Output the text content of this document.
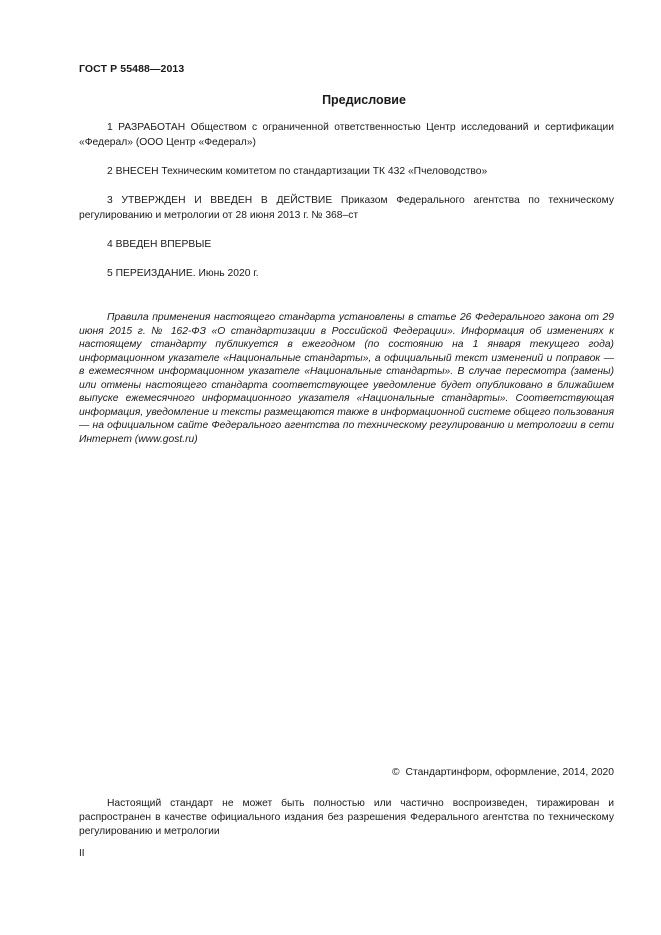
ГОСТ Р 55488—2013
Предисловие

1 РАЗРАБОТАН Обществом с ограниченной ответственностью Центр исследований и сертификации «Федерал» (ООО Центр «Федерал»)

2 ВНЕСЕН Техническим комитетом по стандартизации ТК 432 «Пчеловодство»

3 УТВЕРЖДЕН И ВВЕДЕН В ДЕЙСТВИЕ Приказом Федерального агентства по техническому регулированию и метрологии от 28 июня 2013 г. № 368–ст

4 ВВЕДЕН ВПЕРВЫЕ

5 ПЕРЕИЗДАНИЕ. Июнь 2020 г.

Правила применения настоящего стандарта установлены в статье 26 Федерального закона от 29 июня 2015 г. № 162-ФЗ «О стандартизации в Российской Федерации». Информация об изменениях к настоящему стандарту публикуется в ежегодном (по состоянию на 1 января текущего года) информационном указателе «Национальные стандарты», а официальный текст изменений и поправок — в ежемесячном информационном указателе «Национальные стандарты». В случае пересмотра (замены) или отмены настоящего стандарта соответствующее уведомление будет опубликовано в ближайшем выпуске ежемесячного информационного указателя «Национальные стандарты». Соответствующая информация, уведомление и тексты размещаются также в информационной системе общего пользования — на официальном сайте Федерального агентства по техническому регулированию и метрологии в сети Интернет (www.gost.ru)
© Стандартинформ, оформление, 2014, 2020
Настоящий стандарт не может быть полностью или частично воспроизведен, тиражирован и распространен в качестве официального издания без разрешения Федерального агентства по техническому регулированию и метрологии
II
